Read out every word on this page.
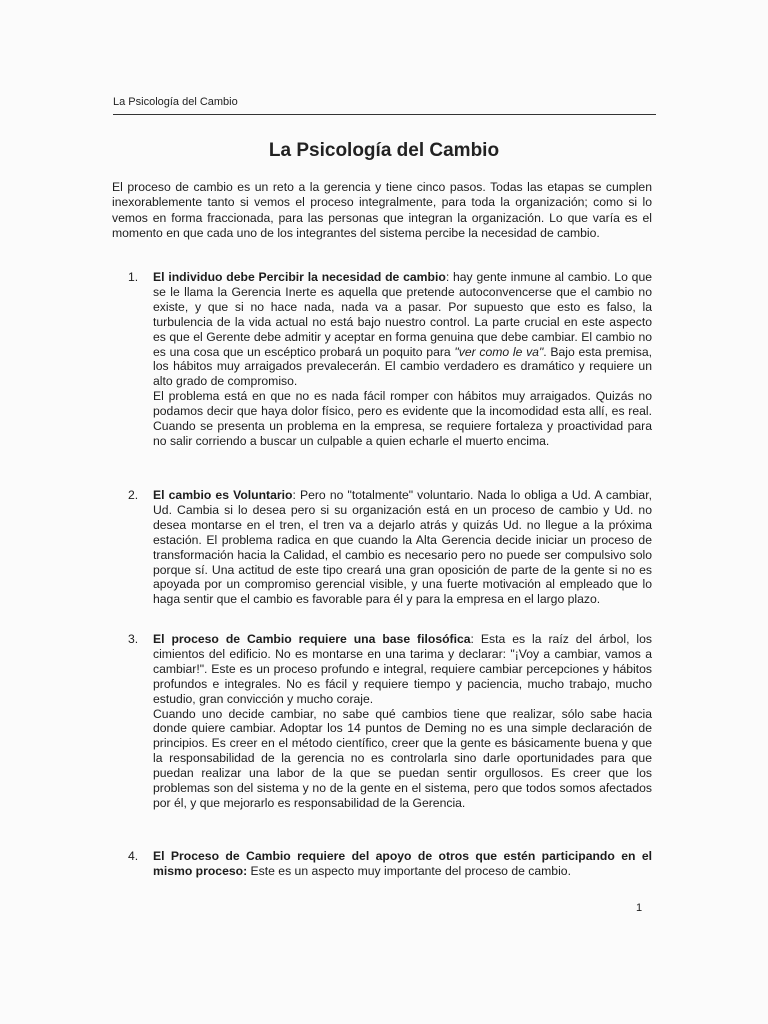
La Psicología del Cambio
La Psicología del Cambio

El proceso de cambio es un reto a la gerencia y tiene cinco pasos. Todas las etapas se cumplen inexorablemente tanto si vemos el proceso integralmente, para toda la organización; como si lo vemos en forma fraccionada, para las personas que integran la organización. Lo que varía es el momento en que cada uno de los integrantes del sistema percibe la necesidad de cambio.

1.	El individuo debe Percibir la necesidad de cambio: hay gente inmune al cambio. Lo que se le llama la Gerencia Inerte es aquella que pretende autoconvencerse que el cambio no existe, y que si no hace nada, nada va a pasar. Por supuesto que esto es falso, la turbulencia de la vida actual no está bajo nuestro control. La parte crucial en este aspecto es que el Gerente debe admitir y aceptar en forma genuina que debe cambiar. El cambio no es una cosa que un escéptico probará un poquito para "ver como le va". Bajo esta premisa, los hábitos muy arraigados prevalecerán. El cambio verdadero es dramático y requiere un alto grado de compromiso.

El problema está en que no es nada fácil romper con hábitos muy arraigados. Quizás no podamos decir que haya dolor físico, pero es evidente que la incomodidad esta allí, es real. Cuando se presenta un problema en la empresa, se requiere fortaleza y proactividad para no salir corriendo a buscar un culpable a quien echarle el muerto encima.

2.	El cambio es Voluntario: Pero no "totalmente" voluntario. Nada lo obliga a Ud. A cambiar, Ud. Cambia si lo desea pero si su organización está en un proceso de cambio y Ud. no desea montarse en el tren, el tren va a dejarlo atrás y quizás Ud. no llegue a la próxima estación. El problema radica en que cuando la Alta Gerencia decide iniciar un proceso de transformación hacia la Calidad, el cambio es necesario pero no puede ser compulsivo solo porque sí. Una actitud de este tipo creará una gran oposición de parte de la gente si no es apoyada por un compromiso gerencial visible, y una fuerte motivación al empleado que lo haga sentir que el cambio es favorable para él y para la empresa en el largo plazo.

3.	El proceso de Cambio requiere una base filosófica: Esta es la raíz del árbol, los cimientos del edificio. No es montarse en una tarima y declarar: "¡Voy a cambiar, vamos a cambiar!". Este es un proceso profundo e integral, requiere cambiar percepciones y hábitos profundos e integrales. No es fácil y requiere tiempo y paciencia, mucho trabajo, mucho estudio, gran convicción y mucho coraje.

Cuando uno decide cambiar, no sabe qué cambios tiene que realizar, sólo sabe hacia donde quiere cambiar. Adoptar los 14 puntos de Deming no es una simple declaración de principios. Es creer en el método científico, creer que la gente es básicamente buena y que la responsabilidad de la gerencia no es controlarla sino darle oportunidades para que puedan realizar una labor de la que se puedan sentir orgullosos. Es creer que los problemas son del sistema y no de la gente en el sistema, pero que todos somos afectados por él, y que mejorarlo es responsabilidad de la Gerencia.

4.	El Proceso de Cambio requiere del apoyo de otros que estén participando en el mismo proceso: Este es un aspecto muy importante del proceso de cambio.

1
